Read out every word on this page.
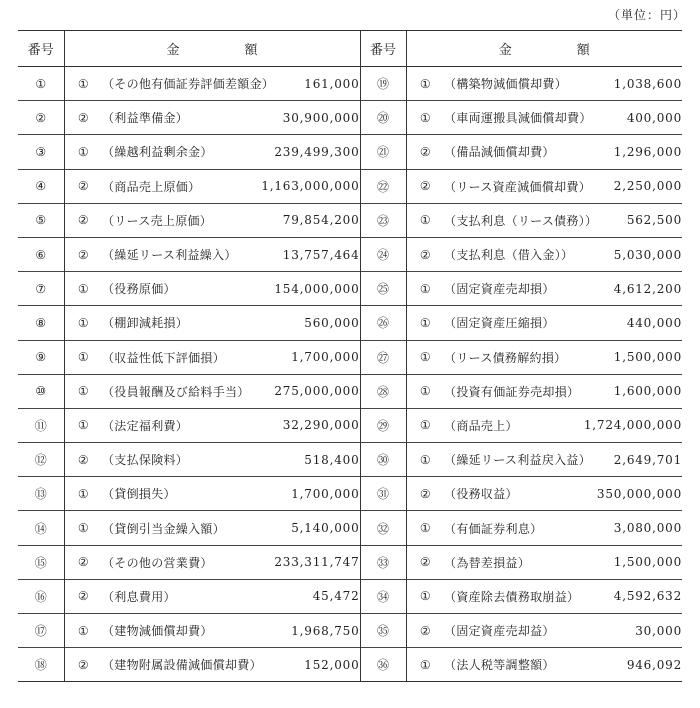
（単位：円）
番号	金　額			番号	金　額		
①	①	（その他有価証券評価差額金）	161,000	⑲	①	（構築物減価償却費）	1,038,600
②	②	（利益準備金）	30,900,000	⑳	①	（車両運搬具減価償却費）	400,000
③	①	（繰越利益剰余金）	239,499,300	㉑	②	（備品減価償却費）	1,296,000
④	②	（商品売上原価）	1,163,000,000	㉒	②	（リース資産減価償却費）	2,250,000
⑤	②	（リース売上原価）	79,854,200	㉓	①	（支払利息（リース債務））	562,500
⑥	②	（繰延リース利益繰入）	13,757,464	㉔	②	（支払利息（借入金））	5,030,000
⑦	①	（役務原価）	154,000,000	㉕	①	（固定資産売却損）	4,612,200
⑧	①	（棚卸減耗損）	560,000	㉖	①	（固定資産圧縮損）	440,000
⑨	①	（収益性低下評価損）	1,700,000	㉗	①	（リース債務解約損）	1,500,000
⑩	①	（役員報酬及び給料手当）	275,000,000	㉘	①	（投資有価証券売却損）	1,600,000
⑪	①	（法定福利費）	32,290,000	㉙	①	（商品売上）	1,724,000,000
⑫	②	（支払保険料）	518,400	㉚	①	（繰延リース利益戻入益）	2,649,701
⑬	①	（貸倒損失）	1,700,000	㉛	②	（役務収益）	350,000,000
⑭	①	（貸倒引当金繰入額）	5,140,000	㉜	①	（有価証券利息）	3,080,000
⑮	②	（その他の営業費）	233,311,747	㉝	②	（為替差損益）	1,500,000
⑯	②	（利息費用）	45,472	㉞	①	（資産除去債務取崩益）	4,592,632
⑰	①	（建物減価償却費）	1,968,750	㉟	②	（固定資産売却益）	30,000
⑱	②	（建物附属設備減価償却費）	152,000	㊱	①	（法人税等調整額）	946,092
